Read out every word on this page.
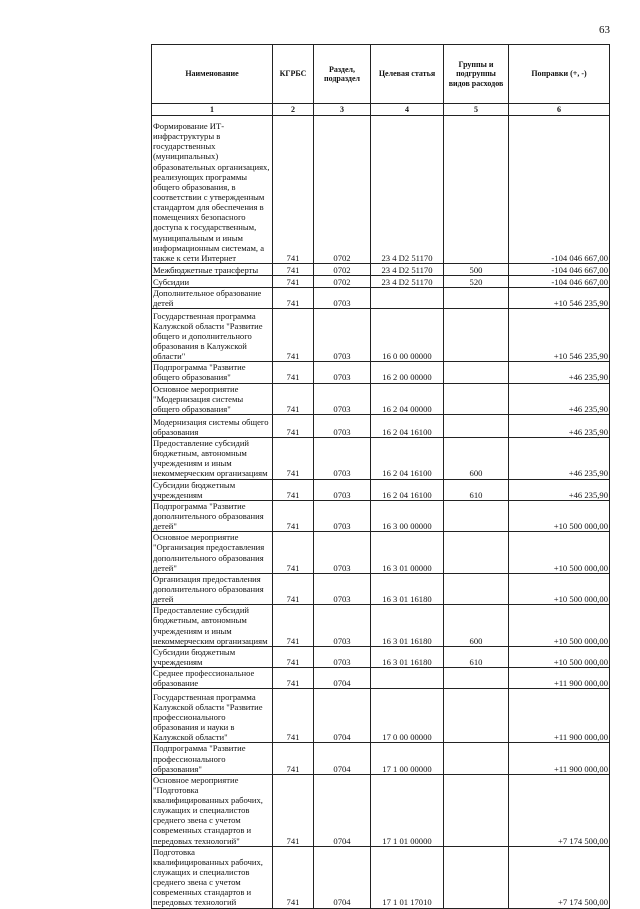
63
Наименование	КГРБС	Раздел, подраздел	Целевая статья	Группы и подгруппы видов расходов	Поправки (+, -)
1	2	3	4	5	6
Формирование ИТ-инфраструктуры в государственных (муниципальных) образовательных организациях, реализующих программы общего образования, в соответствии с утвержденным стандартом для обеспечения в помещениях безопасного доступа к государственным, муниципальным и иным информационным системам, а также к сети Интернет	741	0702	23 4 D2 51170		-104 046 667,00
Межбюджетные трансферты	741	0702	23 4 D2 51170	500	-104 046 667,00
Субсидии	741	0702	23 4 D2 51170	520	-104 046 667,00
Дополнительное образование детей	741	0703			+10 546 235,90
Государственная программа Калужской области "Развитие общего и дополнительного образования в Калужской области"	741	0703	16 0 00 00000		+10 546 235,90
Подпрограмма "Развитие общего образования"	741	0703	16 2 00 00000		+46 235,90
Основное мероприятие "Модернизация системы общего образования"	741	0703	16 2 04 00000		+46 235,90
Модернизация системы общего образования	741	0703	16 2 04 16100		+46 235,90
Предоставление субсидий бюджетным, автономным учреждениям и иным некоммерческим организациям	741	0703	16 2 04 16100	600	+46 235,90
Субсидии бюджетным учреждениям	741	0703	16 2 04 16100	610	+46 235,90
Подпрограмма "Развитие дополнительного образования детей"	741	0703	16 3 00 00000		+10 500 000,00
Основное мероприятие "Организация предоставления дополнительного образования детей"	741	0703	16 3 01 00000		+10 500 000,00
Организация предоставления дополнительного образования детей	741	0703	16 3 01 16180		+10 500 000,00
Предоставление субсидий бюджетным, автономным учреждениям и иным некоммерческим организациям	741	0703	16 3 01 16180	600	+10 500 000,00
Субсидии бюджетным учреждениям	741	0703	16 3 01 16180	610	+10 500 000,00
Среднее профессиональное образование	741	0704			+11 900 000,00
Государственная программа Калужской области "Развитие профессионального образования и науки в Калужской области"	741	0704	17 0 00 00000		+11 900 000,00
Подпрограмма "Развитие профессионального образования"	741	0704	17 1 00 00000		+11 900 000,00
Основное мероприятие "Подготовка квалифицированных рабочих, служащих и специалистов среднего звена с учетом современных стандартов и передовых технологий"	741	0704	17 1 01 00000		+7 174 500,00
Подготовка квалифицированных рабочих, служащих и специалистов среднего звена с учетом современных стандартов и передовых технологий	741	0704	17 1 01 17010		+7 174 500,00
